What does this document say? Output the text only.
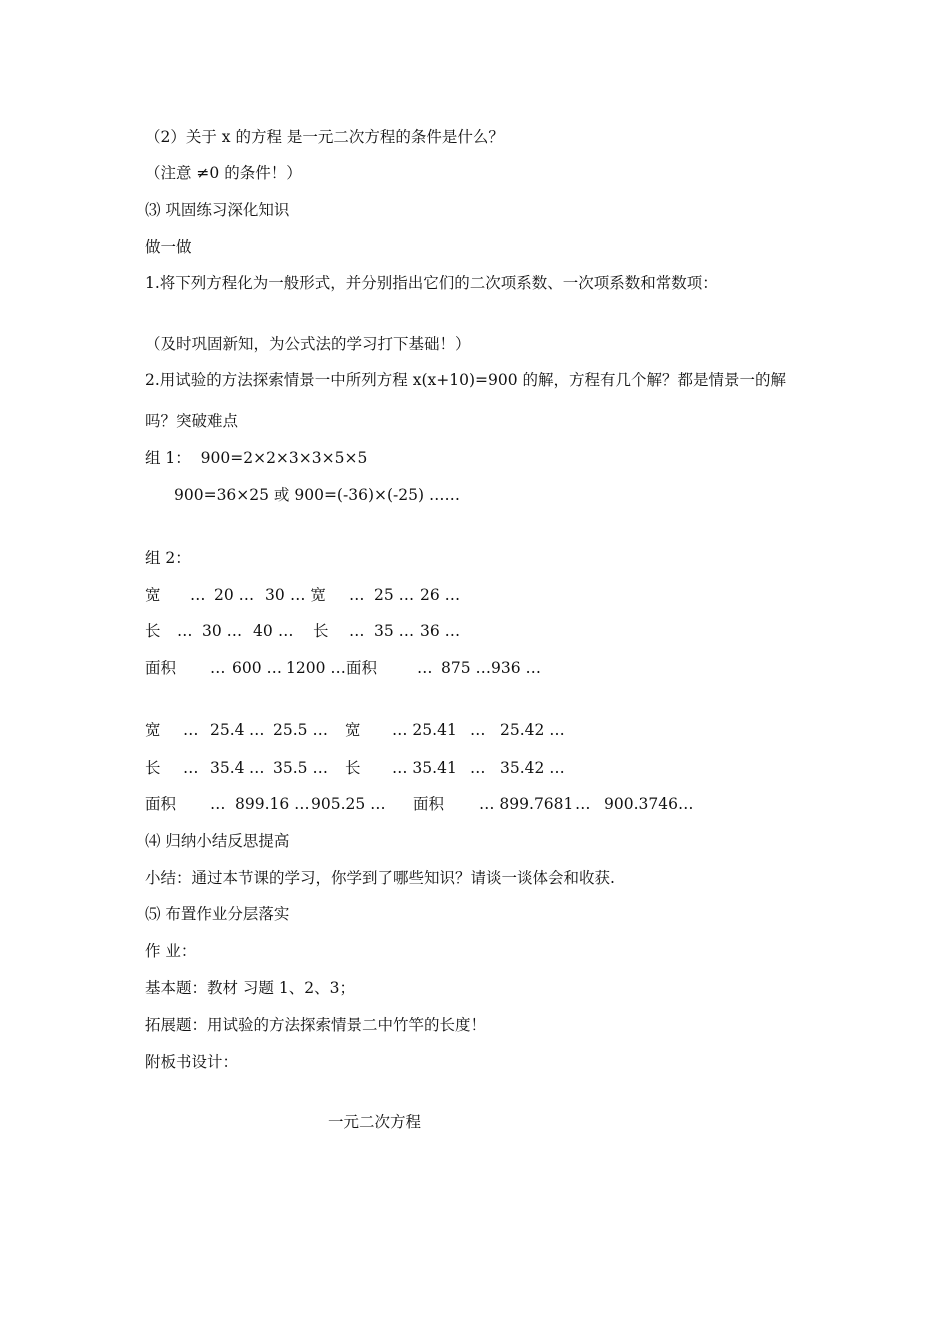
（2）关于 x 的方程 是一元二次方程的条件是什么？
（注意 ≠0 的条件！）
⑶ 巩固练习深化知识
做一做
1.将下列方程化为一般形式，并分别指出它们的二次项系数、一次项系数和常数项：
（及时巩固新知，为公式法的学习打下基础！）
2.用试验的方法探索情景一中所列方程 x(x+10)=900 的解，方程有几个解？都是情景一的解
吗？突破难点
组 1：  900=2×2×3×3×5×5
900=36×25 或 900=(-36)×(-25) ……
组 2：
宽 … 20 … 30 … 宽 … 25 … 26 …
长 … 30 … 40 … 长 … 35 … 36 …
面积 … 600 … 1200 … 面积	… 875 … 936 …
宽 … 25.4 … 25.5 … 宽 … 25.41 … 25.42 …
长 … 35.4 … 35.5 … 长 … 35.41 … 35.42 …
面积 … 899.16 … 905.25 … 面积 … 899.7681 … 900.3746…
⑷ 归纳小结反思提高
小结：通过本节课的学习，你学到了哪些知识？请谈一谈体会和收获.
⑸ 布置作业分层落实
作 业：
基本题：教材 习题 1、2、3；
拓展题：用试验的方法探索情景二中竹竿的长度！
附板书设计：
一元二次方程
